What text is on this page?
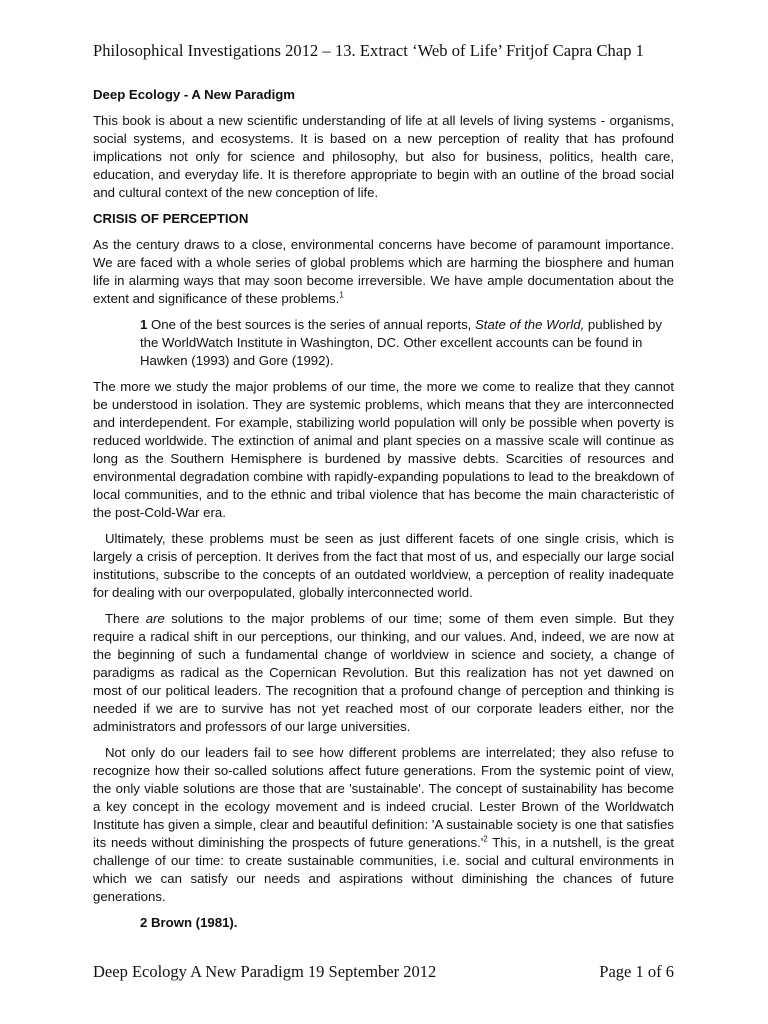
Philosophical Investigations 2012 – 13. Extract ‘Web of Life’ Fritjof Capra Chap 1
Deep Ecology - A New Paradigm

This book is about a new scientific understanding of life at all levels of living systems - organisms, social systems, and ecosystems. It is based on a new perception of reality that has profound implications not only for science and philosophy, but also for business, politics, health care, education, and everyday life. It is therefore appropriate to begin with an outline of the broad social and cultural context of the new conception of life.

CRISIS OF PERCEPTION

As the century draws to a close, environmental concerns have become of paramount importance. We are faced with a whole series of global problems which are harming the biosphere and human life in alarming ways that may soon become irreversible. We have ample documentation about the extent and significance of these problems.$^1$

1 One of the best sources is the series of annual reports, State of the World, published by the WorldWatch Institute in Washington, DC. Other excellent accounts can be found in Hawken (1993) and Gore (1992).

The more we study the major problems of our time, the more we come to realize that they cannot be understood in isolation. They are systemic problems, which means that they are interconnected and interdependent. For example, stabilizing world population will only be possible when poverty is reduced worldwide. The extinction of animal and plant species on a massive scale will continue as long as the Southern Hemisphere is burdened by massive debts. Scarcities of resources and environmental degradation combine with rapidly-expanding populations to lead to the breakdown of local communities, and to the ethnic and tribal violence that has become the main characteristic of the post-Cold-War era.

Ultimately, these problems must be seen as just different facets of one single crisis, which is largely a crisis of perception. It derives from the fact that most of us, and especially our large social institutions, subscribe to the concepts of an outdated worldview, a perception of reality inadequate for dealing with our overpopulated, globally interconnected world.

There are solutions to the major problems of our time; some of them even simple. But they require a radical shift in our perceptions, our thinking, and our values. And, indeed, we are now at the beginning of such a fundamental change of worldview in science and society, a change of paradigms as radical as the Copernican Revolution. But this realization has not yet dawned on most of our political leaders. The recognition that a profound change of perception and thinking is needed if we are to survive has not yet reached most of our corporate leaders either, nor the administrators and professors of our large universities.

Not only do our leaders fail to see how different problems are interrelated; they also refuse to recognize how their so-called solutions affect future generations. From the systemic point of view, the only viable solutions are those that are 'sustainable'. The concept of sustainability has become a key concept in the ecology movement and is indeed crucial. Lester Brown of the Worldwatch Institute has given a simple, clear and beautiful definition: 'A sustainable society is one that satisfies its needs without diminishing the prospects of future $generations.'^2$ This, in a nutshell, is the great challenge of our time: to create sustainable communities, i.e. social and cultural environments in which we can satisfy our needs and aspirations without diminishing the chances of future generations.

2 Brown (1981).

Deep Ecology A New Paradigm 19 September 2012	Page 1 of 6
